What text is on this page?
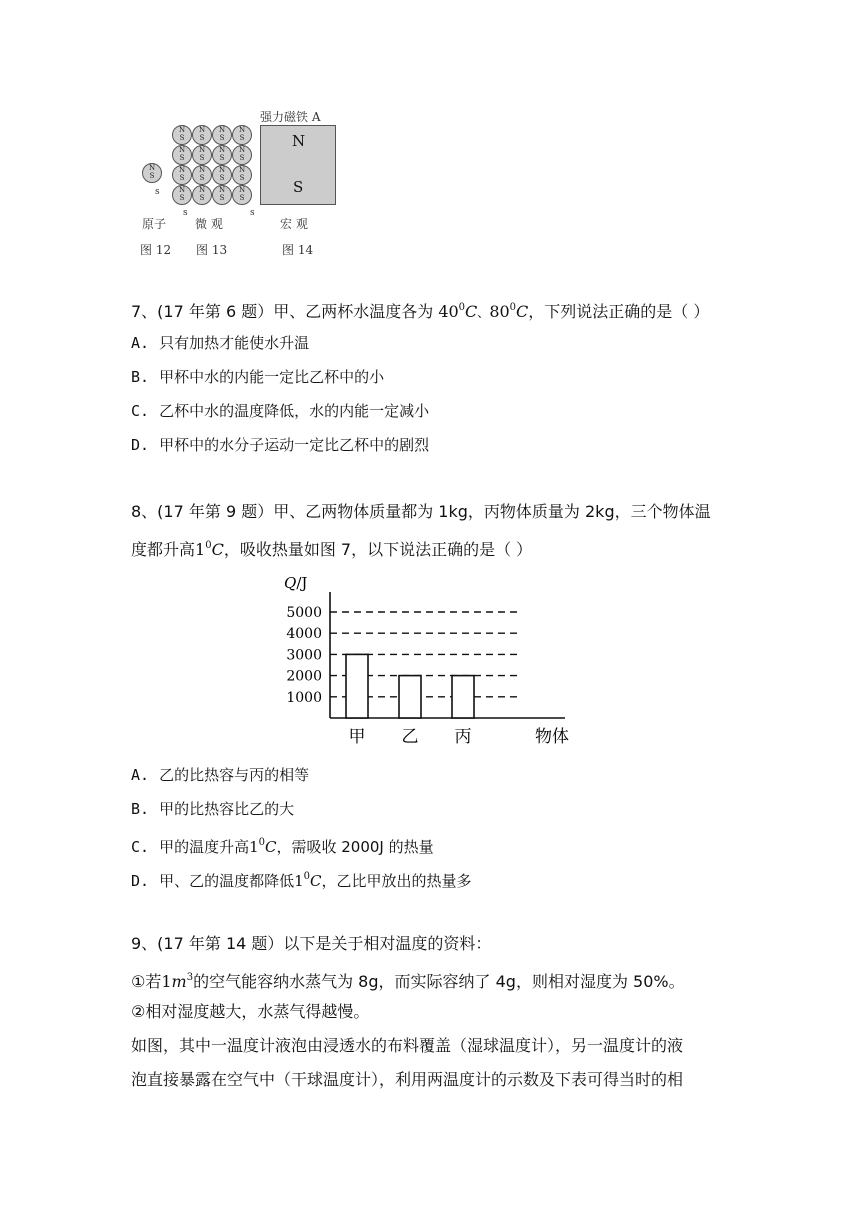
N
S
s
s	s
N
S
N
S
N
S
N
S
N
S
N
S
N
S
N
S
N
S
N
S
N
S
N
S
N
S
N
S
N
S
N
S
强力磁铁 A
N
S
原子 微 观	宏 观
图 12 图 13	图 14
7、(17 年第 6 题）甲、乙两杯水温度各为 $40^0C$、$80^0C$，下列说法正确的是（ ）
A. 只有加热才能使水升温
B. 甲杯中水的内能一定比乙杯中的小
C. 乙杯中水的温度降低，水的内能一定减小
D. 甲杯中的水分子运动一定比乙杯中的剧烈
8、(17 年第 9 题）甲、乙两物体质量都为 1kg，丙物体质量为 2kg，三个物体温
度都升高$1^0C$，吸收热量如图 7，以下说法正确的是（ ）
Q/J
1000
2000
3000
4000
5000
甲 乙 丙	物体
A. 乙的比热容与丙的相等
B. 甲的比热容比乙的大
C. 甲的温度升高$1^0C$，需吸收 2000J 的热量
D. 甲、乙的温度都降低$1^0C$，乙比甲放出的热量多
9、(17 年第 14 题）以下是关于相对温度的资料：
①若$1m^3$的空气能容纳水蒸气为 8g，而实际容纳了 4g，则相对湿度为 50%。
②相对湿度越大，水蒸气得越慢。
如图，其中一温度计液泡由浸透水的布料覆盖（湿球温度计），另一温度计的液
泡直接暴露在空气中（干球温度计），利用两温度计的示数及下表可得当时的相
